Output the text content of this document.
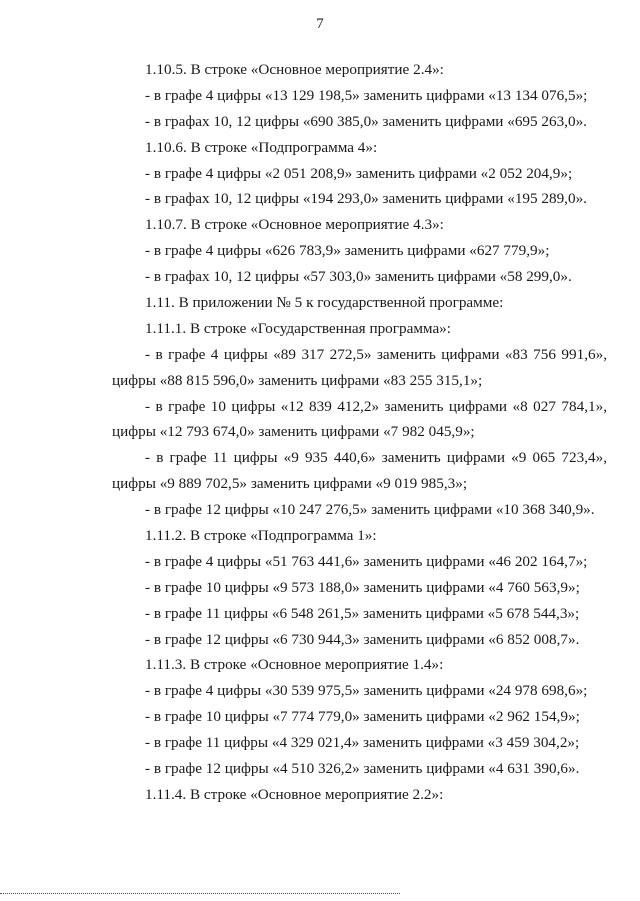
7
1.10.5. В строке «Основное мероприятие 2.4»:
- в графе 4 цифры «13 129 198,5» заменить цифрами «13 134 076,5»;
- в графах 10, 12 цифры «690 385,0» заменить цифрами «695 263,0».
1.10.6. В строке «Подпрограмма 4»:
- в графе 4 цифры «2 051 208,9» заменить цифрами «2 052 204,9»;
- в графах 10, 12 цифры «194 293,0» заменить цифрами «195 289,0».
1.10.7. В строке «Основное мероприятие 4.3»:
- в графе 4 цифры «626 783,9» заменить цифрами «627 779,9»;
- в графах 10, 12 цифры «57 303,0» заменить цифрами «58 299,0».
1.11. В приложении № 5 к государственной программе:
1.11.1. В строке «Государственная программа»:
- в графе 4 цифры «89 317 272,5» заменить цифрами «83 756 991,6»,
цифры «88 815 596,0» заменить цифрами «83 255 315,1»;
- в графе 10 цифры «12 839 412,2» заменить цифрами «8 027 784,1»,
цифры «12 793 674,0» заменить цифрами «7 982 045,9»;
- в графе 11 цифры «9 935 440,6» заменить цифрами «9 065 723,4»,
цифры «9 889 702,5» заменить цифрами «9 019 985,3»;
- в графе 12 цифры «10 247 276,5» заменить цифрами «10 368 340,9».
1.11.2. В строке «Подпрограмма 1»:
- в графе 4 цифры «51 763 441,6» заменить цифрами «46 202 164,7»;
- в графе 10 цифры «9 573 188,0» заменить цифрами «4 760 563,9»;
- в графе 11 цифры «6 548 261,5» заменить цифрами «5 678 544,3»;
- в графе 12 цифры «6 730 944,3» заменить цифрами «6 852 008,7».
1.11.3. В строке «Основное мероприятие 1.4»:
- в графе 4 цифры «30 539 975,5» заменить цифрами «24 978 698,6»;
- в графе 10 цифры «7 774 779,0» заменить цифрами «2 962 154,9»;
- в графе 11 цифры «4 329 021,4» заменить цифрами «3 459 304,2»;
- в графе 12 цифры «4 510 326,2» заменить цифрами «4 631 390,6».
1.11.4. В строке «Основное мероприятие 2.2»:
